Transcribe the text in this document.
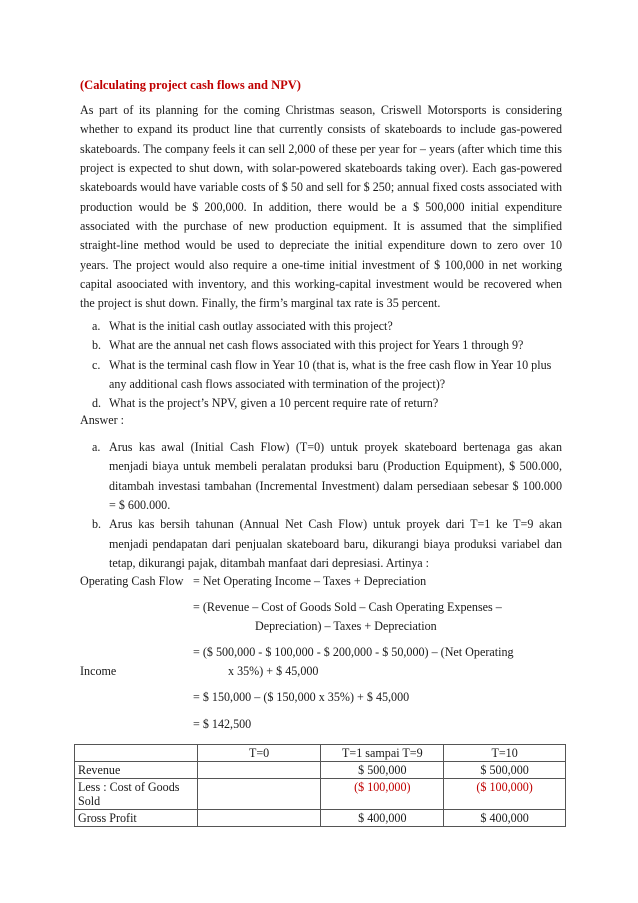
(Calculating project cash flows and NPV)
As part of its planning for the coming Christmas season, Criswell Motorsports is considering whether to expand its product line that currently consists of skateboards to include gas-powered skateboards. The company feels it can sell 2,000 of these per year for – years (after which time this project is expected to shut down, with solar-powered skateboards taking over). Each gas-powered skateboards would have variable costs of $ 50 and sell for $ 250; annual fixed costs associated with production would be $ 200,000. In addition, there would be a $ 500,000 initial expenditure associated with the purchase of new production equipment. It is assumed that the simplified straight-line method would be used to depreciate the initial expenditure down to zero over 10 years. The project would also require a one-time initial investment of $ 100,000 in net working capital asoociated with inventory, and this working-capital investment would be recovered when the project is shut down. Finally, the firm’s marginal tax rate is 35 percent.
a. What is the initial cash outlay associated with this project?
b. What are the annual net cash flows associated with this project for Years 1 through 9?
c. What is the terminal cash flow in Year 10 (that is, what is the free cash flow in Year 10 plus any additional cash flows associated with termination of the project)?
d. What is the project’s NPV, given a 10 percent require rate of return?
Answer :
a. Arus kas awal (Initial Cash Flow) (T=0) untuk proyek skateboard bertenaga gas akan menjadi biaya untuk membeli peralatan produksi baru (Production Equipment), $ 500.000, ditambah investasi tambahan (Incremental Investment) dalam persediaan sebesar $ 100.000 = $ 600.000.
b. Arus kas bersih tahunan (Annual Net Cash Flow) untuk proyek dari T=1 ke T=9 akan menjadi pendapatan dari penjualan skateboard baru, dikurangi biaya produksi variabel dan tetap, dikurangi pajak, ditambah manfaat dari depresiasi. Artinya :
Operating Cash Flow = Net Operating Income – Taxes + Depreciation
= (Revenue – Cost of Goods Sold – Cash Operating Expenses –
Depreciation) – Taxes + Depreciation
= ($ 500,000 - $ 100,000 - $ 200,000 - $ 50,000) – (Net Operating
Income	x 35%) + $ 45,000
= $ 150,000 – ($ 150,000 x 35%) + $ 45,000
= $ 142,500
	T=0	T=1 sampai T=9	T=10
Revenue		$ 500,000	$ 500,000
Less : Cost of Goods Sold		($ 100,000)	($ 100,000)
Gross Profit		$ 400,000	$ 400,000
